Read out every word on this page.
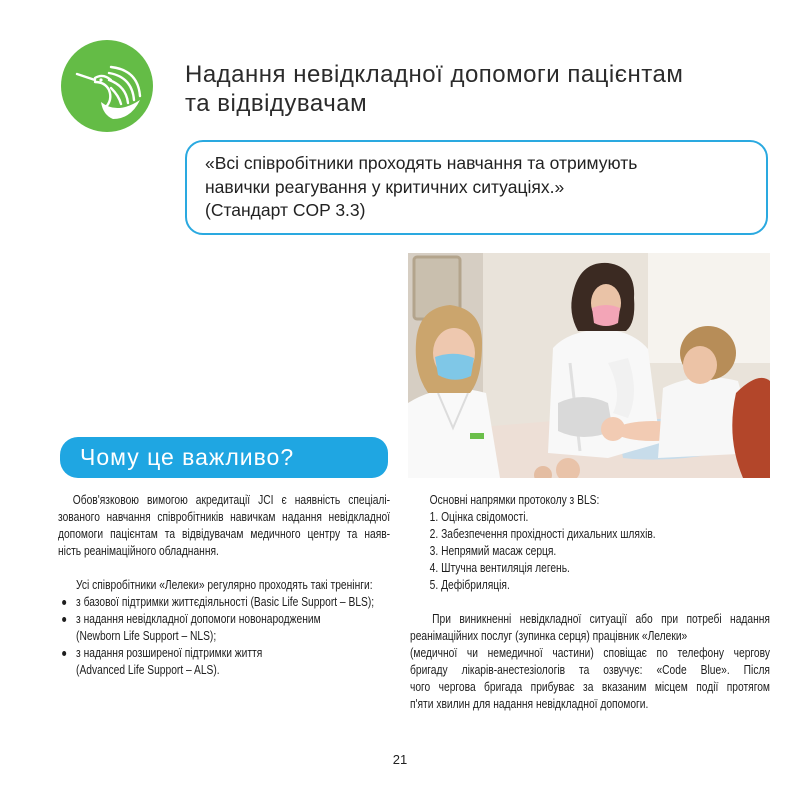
Надання невідкладної допомоги пацієнтам
та відвідувачам
«Всі співробітники проходять навчання та отримують
навички реагування у критичних ситуаціях.»
(Стандарт COP 3.3)
Чому це важливо?
Обов'язковою вимогою акредитації JCI є наявність спеціалі-
зованого навчання співробітників навичкам надання невідкладної
допомоги пацієнтам та відвідувачам медичного центру та наяв-
ність реанімаційного обладнання.
Усі співробітники «Лелеки» регулярно проходять такі тренінги:
з базової підтримки життєдіяльності (Basic Life Support – BLS);
з надання невідкладної допомоги новонародженим
(Newborn Life Support – NLS);
з надання розширеної підтримки життя
(Advanced Life Support – ALS).
Основні напрямки протоколу з BLS:
1. Оцінка свідомості.
2. Забезпечення прохідності дихальних шляхів.
3. Непрямий масаж серця.
4. Штучна вентиляція легень.
5. Дефібриляція.
При виникненні невідкладної ситуації або при потребі надання
реанімаційних послуг (зупинка серця) працівник «Лелеки»
(медичної чи немедичної частини) сповіщає по телефону чергову
бригаду лікарів-анестезіологів та озвучує: «Code Blue». Після
чого чергова бригада прибуває за вказаним місцем події протягом
п'яти хвилин для надання невідкладної допомоги.
21
